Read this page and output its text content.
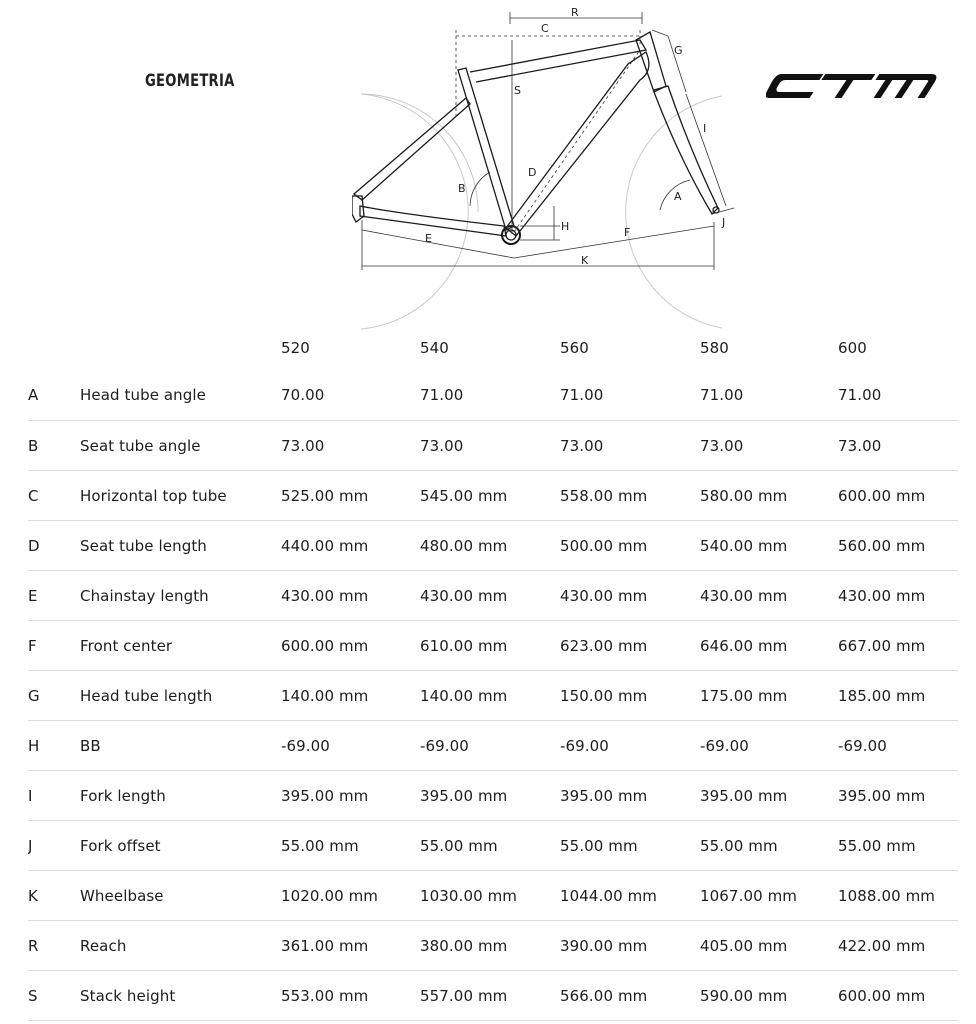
GEOMETRIA
R
C
G
S
I
D
B
A
H	J
F
E
K
		520	540	560	580	600
A	Head tube angle	70.00	71.00	71.00	71.00	71.00
B	Seat tube angle	73.00	73.00	73.00	73.00	73.00
C	Horizontal top tube	525.00 mm	545.00 mm	558.00 mm	580.00 mm	600.00 mm
D	Seat tube length	440.00 mm	480.00 mm	500.00 mm	540.00 mm	560.00 mm
E	Chainstay length	430.00 mm	430.00 mm	430.00 mm	430.00 mm	430.00 mm
F	Front center	600.00 mm	610.00 mm	623.00 mm	646.00 mm	667.00 mm
G	Head tube length	140.00 mm	140.00 mm	150.00 mm	175.00 mm	185.00 mm
H	BB	-69.00	-69.00	-69.00	-69.00	-69.00
I	Fork length	395.00 mm	395.00 mm	395.00 mm	395.00 mm	395.00 mm
J	Fork offset	55.00 mm	55.00 mm	55.00 mm	55.00 mm	55.00 mm
K	Wheelbase	1020.00 mm	1030.00 mm	1044.00 mm	1067.00 mm	1088.00 mm
R	Reach	361.00 mm	380.00 mm	390.00 mm	405.00 mm	422.00 mm
S	Stack height	553.00 mm	557.00 mm	566.00 mm	590.00 mm	600.00 mm
